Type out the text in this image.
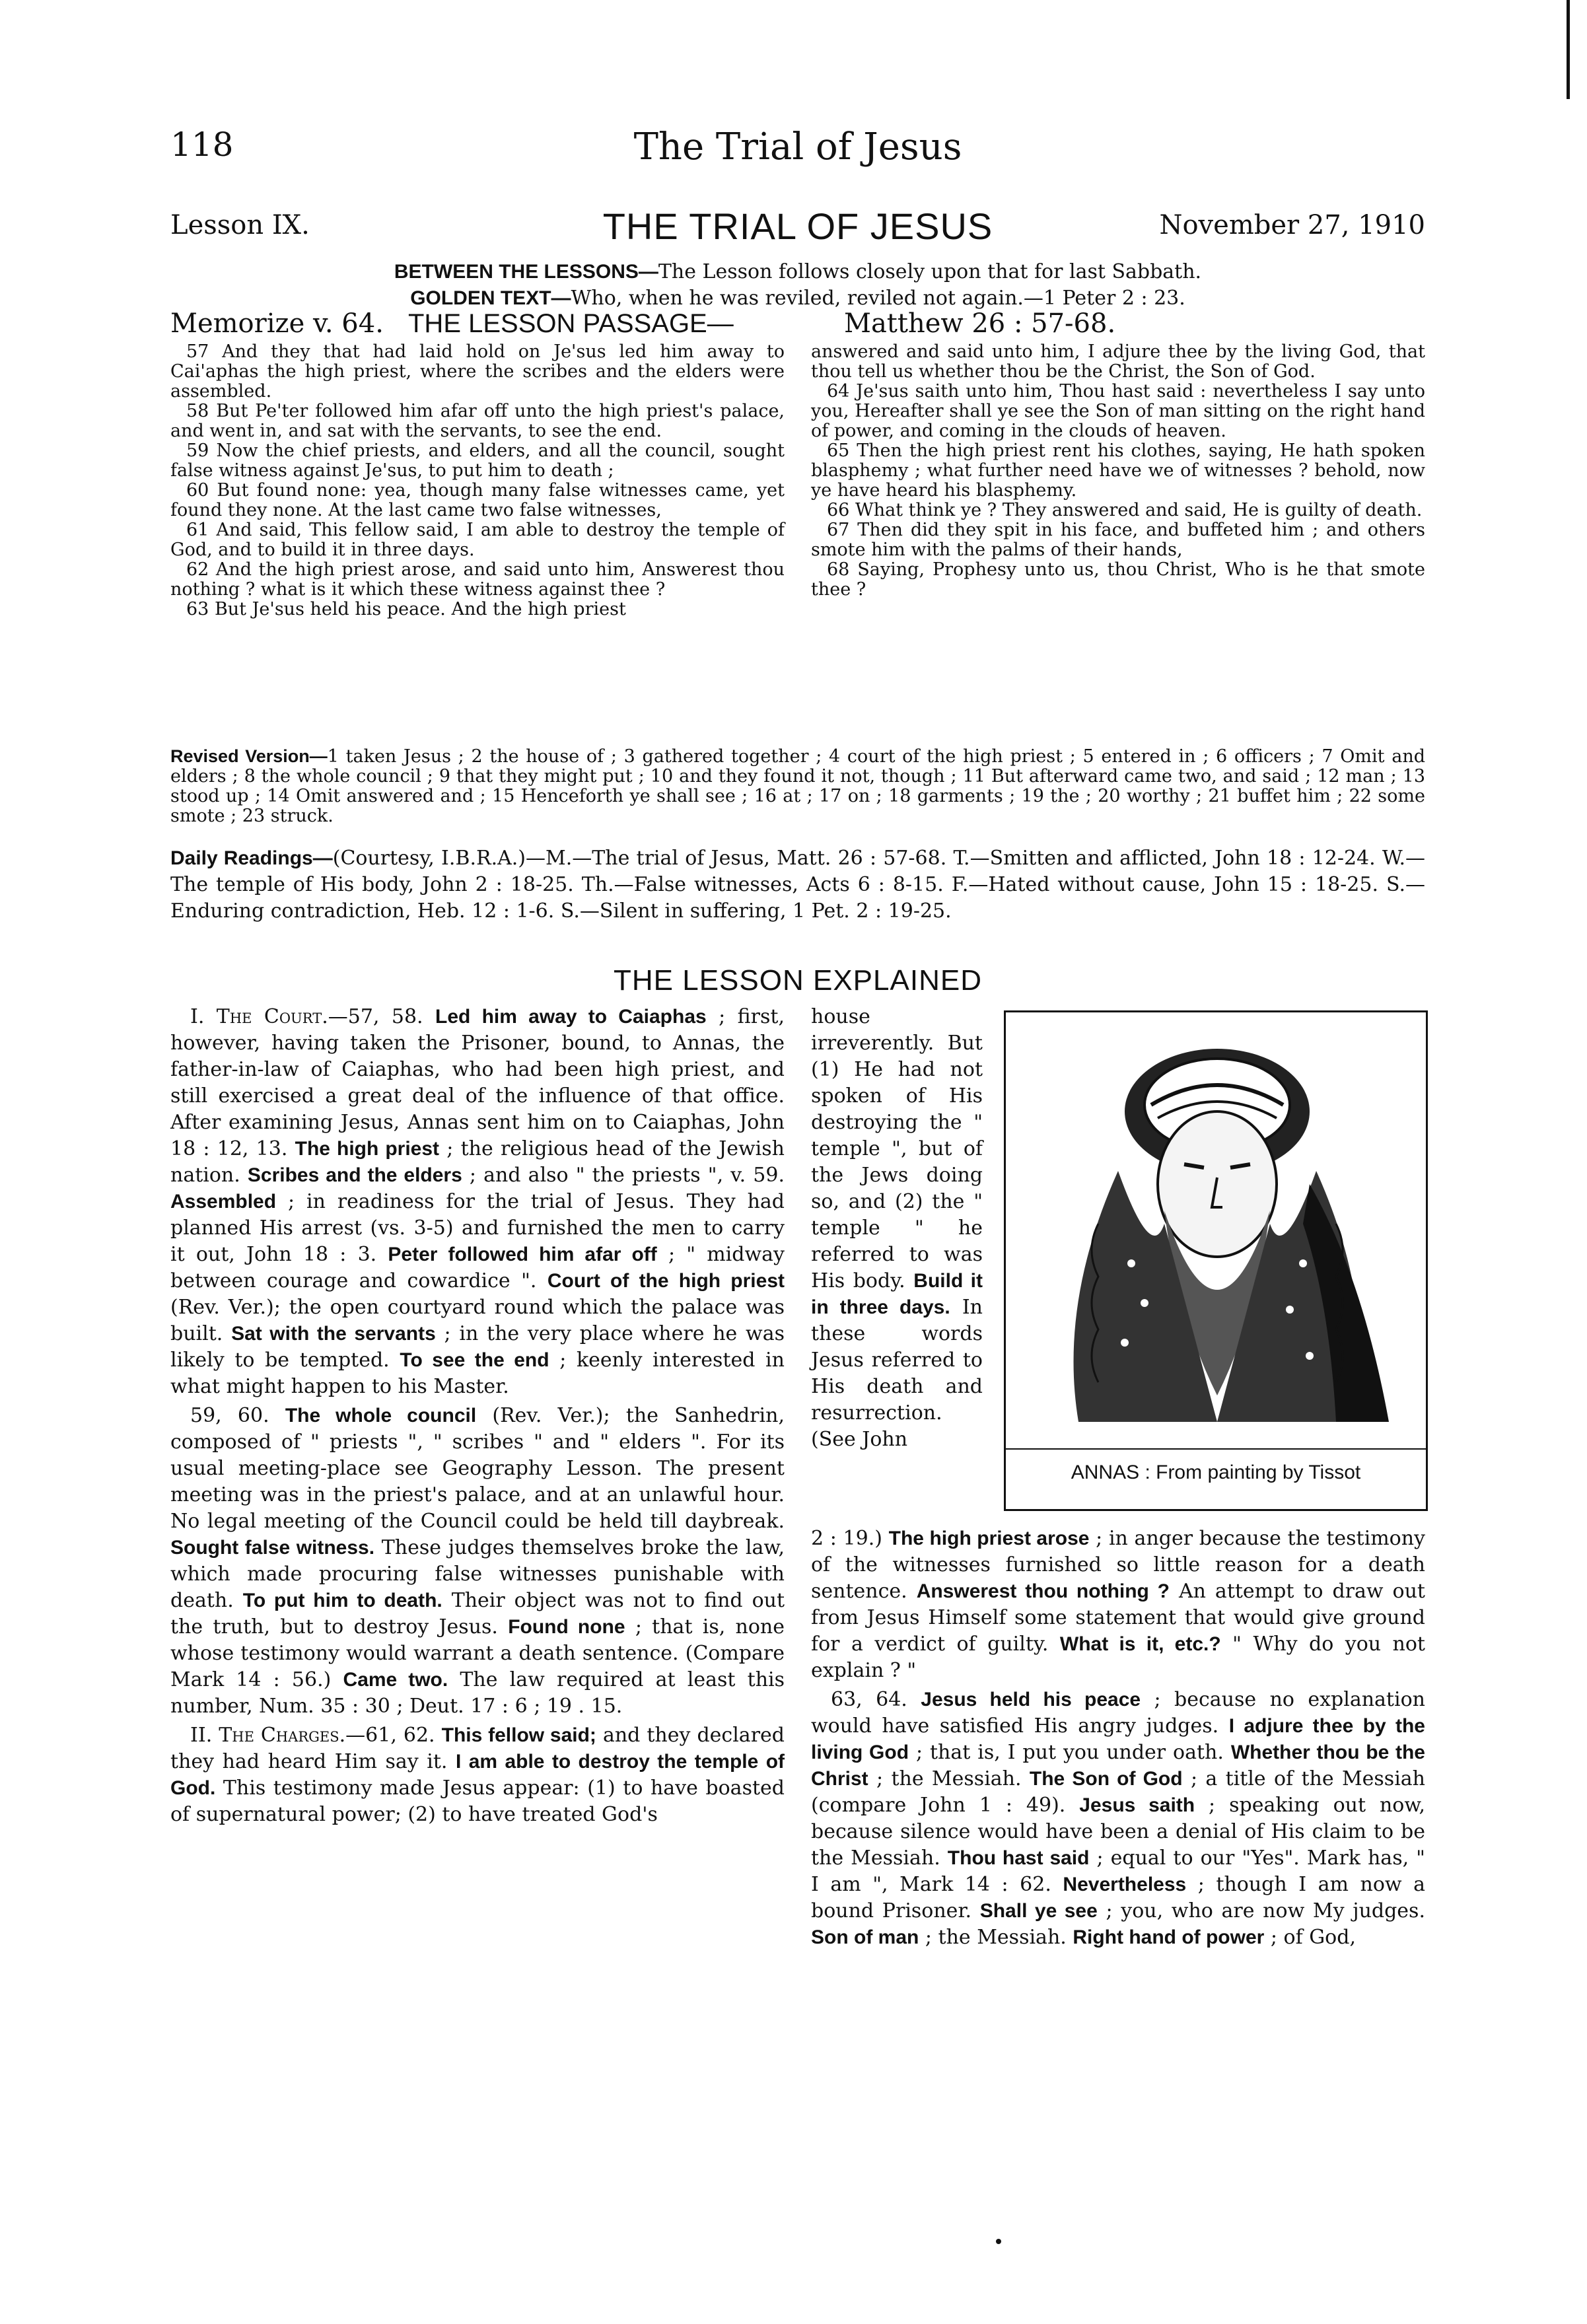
118	The Trial of Jesus
Lesson IX.	THE TRIAL OF JESUS	November 27, 1910
BETWEEN THE LESSONS—The Lesson follows closely upon that for last Sabbath.
GOLDEN TEXT—Who, when he was reviled, reviled not again.—1 Peter 2 : 23.
Memorize v. 64. THE LESSON PASSAGE—	Matthew 26 : 57-68.

57 And they that had laid hold on Je'sus led him away to Cai'aphas the high priest, where the scribes and the elders were assembled.

58 But Pe'ter followed him afar off unto the high priest's palace, and went in, and sat with the servants, to see the end.

59 Now the chief priests, and elders, and all the council, sought false witness against Je'sus, to put him to death ;

60 But found none: yea, though many false witnesses came, yet found they none. At the last came two false witnesses,

61 And said, This fellow said, I am able to destroy the temple of God, and to build it in three days.

62 And the high priest arose, and said unto him, Answerest thou nothing ? what is it which these witness against thee ?

63 But Je'sus held his peace. And the high priest

answered and said unto him, I adjure thee by the living God, that thou tell us whether thou be the Christ, the Son of God.

64 Je'sus saith unto him, Thou hast said : nevertheless I say unto you, Hereafter shall ye see the Son of man sitting on the right hand of power, and coming in the clouds of heaven.

65 Then the high priest rent his clothes, saying, He hath spoken blasphemy ; what further need have we of witnesses ? behold, now ye have heard his blasphemy.

66 What think ye ? They answered and said, He is guilty of death.

67 Then did they spit in his face, and buffeted him ; and others smote him with the palms of their hands,

68 Saying, Prophesy unto us, thou Christ, Who is he that smote thee ?

Revised Version—1 taken Jesus ; 2 the house of ; 3 gathered together ; 4 court of the high priest ; 5 entered in ; 6 officers ; 7 Omit and elders ; 8 the whole council ; 9 that they might put ; 10 and they found it not, though ; 11 But afterward came two, and said ; 12 man ; 13 stood up ; 14 Omit answered and ; 15 Henceforth ye shall see ; 16 at ; 17 on ; 18 garments ; 19 the ; 20 worthy ; 21 buffet him ; 22 some smote ; 23 struck.
Daily Readings—(Courtesy, I.B.R.A.)—M.—The trial of Jesus, Matt. 26 : 57-68. T.—Smitten and afflicted, John 18 : 12-24. W.—The temple of His body, John 2 : 18-25. Th.—False witnesses, Acts 6 : 8-15. F.—Hated without cause, John 15 : 18-25. S.—Enduring contradiction, Heb. 12 : 1-6. S.—Silent in suffering, 1 Pet. 2 : 19-25.
THE LESSON EXPLAINED

I. The Court.—57, 58. Led him away to Caiaphas ; first, however, having taken the Prisoner, bound, to Annas, the father-in-law of Caiaphas, who had been high priest, and still exercised a great deal of the influence of that office. After examining Jesus, Annas sent him on to Caiaphas, John 18 : 12, 13. The high priest ; the religious head of the Jewish nation. Scribes and the elders ; and also " the priests ", v. 59. Assembled ; in readiness for the trial of Jesus. They had planned His arrest (vs. 3-5) and furnished the men to carry it out, John 18 : 3. Peter followed him afar off ; " midway between courage and cowardice ". Court of the high priest (Rev. Ver.); the open courtyard round which the palace was built. Sat with the servants ; in the very place where he was likely to be tempted. To see the end ; keenly interested in what might happen to his Master.

59, 60. The whole council (Rev. Ver.); the Sanhedrin, composed of " priests ", " scribes " and " elders ". For its usual meeting-place see Geography Lesson. The present meeting was in the priest's palace, and at an unlawful hour. No legal meeting of the Council could be held till daybreak. Sought false witness. These judges themselves broke the law, which made procuring false witnesses punishable with death. To put him to death. Their object was not to find out the truth, but to destroy Jesus. Found none ; that is, none whose testimony would warrant a death sentence. (Compare Mark 14 : 56.) Came two. The law required at least this number, Num. 35 : 30 ; Deut. 17 : 6 ; 19 . 15.

II. The Charges.—61, 62. This fellow said; and they declared they had heard Him say it. I am able to destroy the temple of God. This testimony made Jesus appear: (1) to have boasted of supernatural power; (2) to have treated God's

house irreverently. But (1) He had not spoken of His destroying the " temple ", but of the Jews doing so, and (2) the " temple " he referred to was His body. Build it in three days. In these words Jesus referred to His death and resurrection. (See John

ANNAS : From painting by Tissot

2 : 19.) The high priest arose ; in anger because the testimony of the witnesses furnished so little reason for a death sentence. Answerest thou nothing ? An attempt to draw out from Jesus Himself some statement that would give ground for a verdict of guilty. What is it, etc.? " Why do you not explain ? "

63, 64. Jesus held his peace ; because no explanation would have satisfied His angry judges. I adjure thee by the living God ; that is, I put you under oath. Whether thou be the Christ ; the Messiah. The Son of God ; a title of the Messiah (compare John 1 : 49). Jesus saith ; speaking out now, because silence would have been a denial of His claim to be the Messiah. Thou hast said ; equal to our "Yes". Mark has, " I am ", Mark 14 : 62. Nevertheless ; though I am now a bound Prisoner. Shall ye see ; you, who are now My judges. Son of man ; the Messiah. Right hand of power ; of God,
